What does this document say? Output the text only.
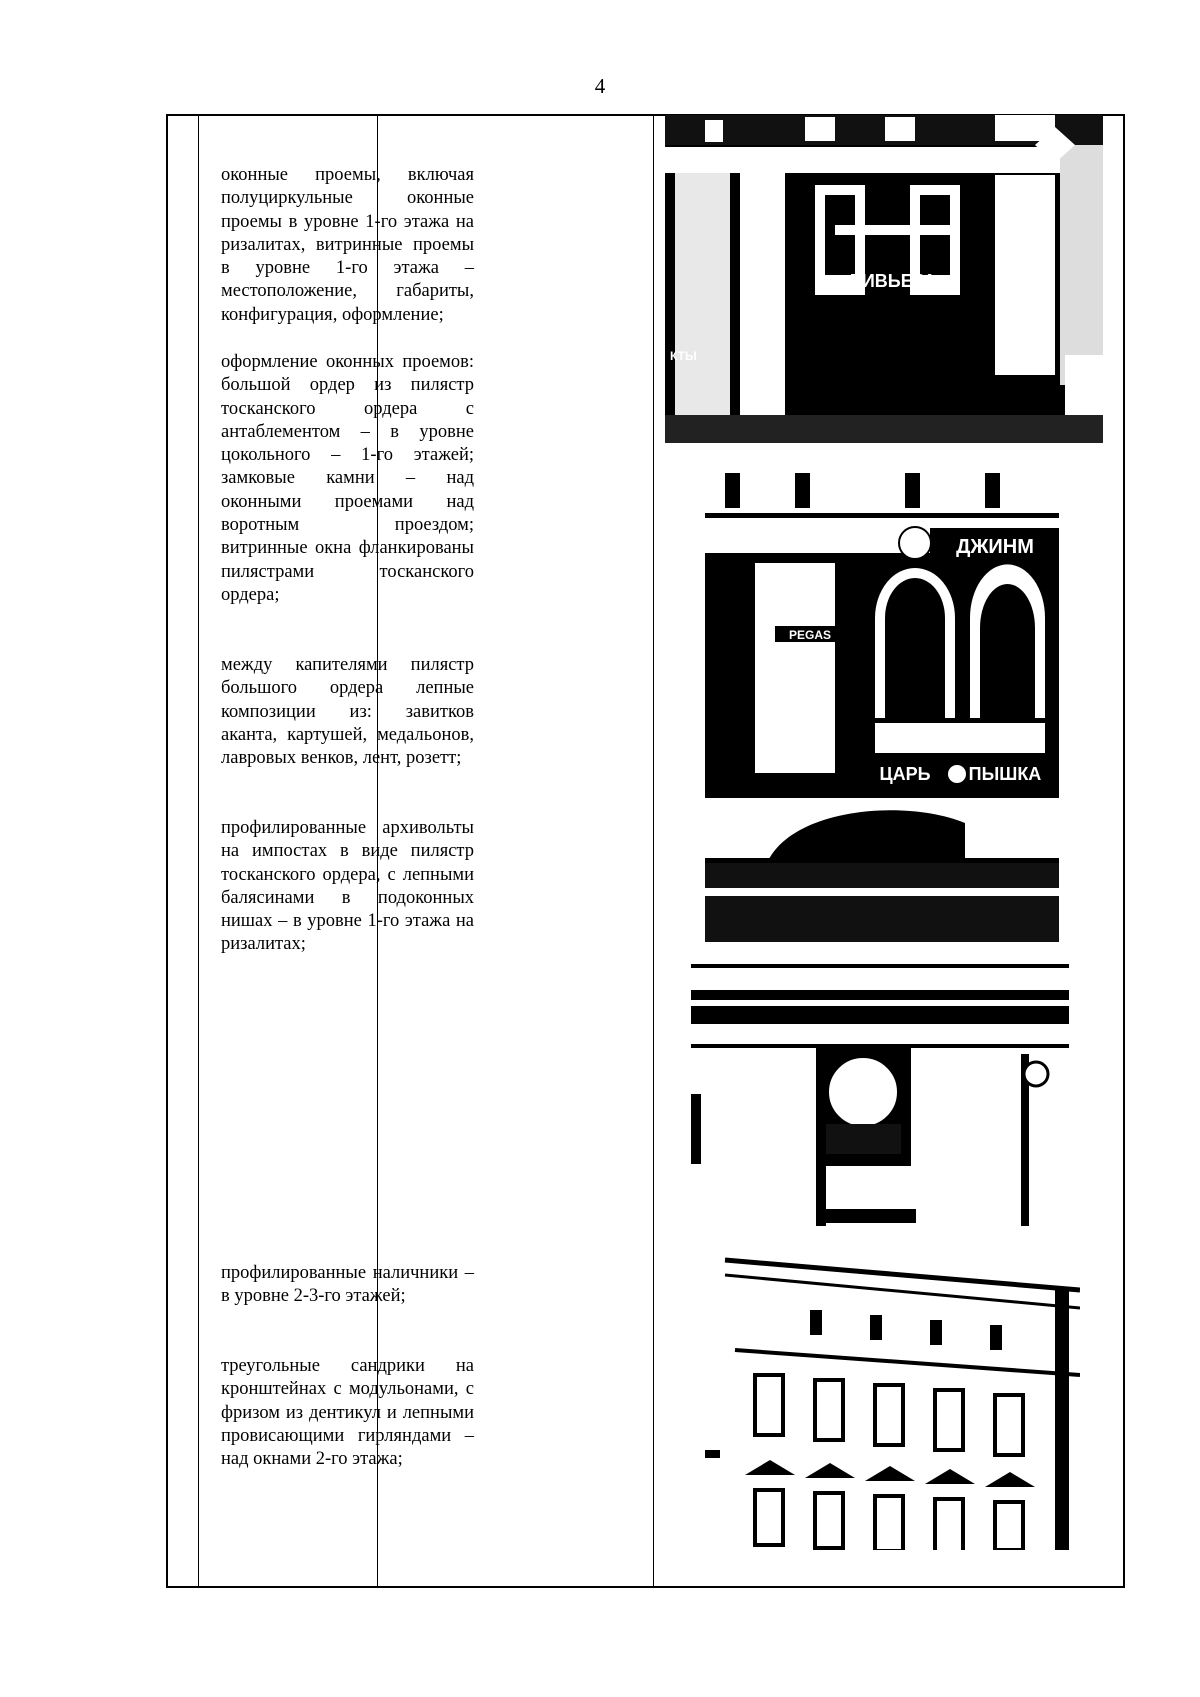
4

оконные проемы, включая полуциркульные оконные проемы в уровне 1-го этажа на ризалитах, витринные проемы в уровне 1-го этажа – местоположение, габариты, конфигурация, оформление;

оформление оконных проемов:

большой ордер из пилястр тосканского ордера с антаблементом – в уровне цокольного – 1-го этажей; замковые камни – над оконными проемами над воротным проездом; витринные окна фланкированы пилястрами тосканского ордера;

между капителями пилястр большого ордера лепные композиции из: завитков аканта, картушей, медальонов, лавровых венков, лент, розетт;

профилированные архивольты на импостах в виде пилястр тосканского ордера, с лепными балясинами в подоконных нишах – в уровне 1-го этажа на ризалитах;

профилированные наличники – в уровне 2-3-го этажей;

треугольные сандрики на кронштейнах с модульонами, с фризом из дентикул и лепными провисающими гирляндами – над окнами 2-го этажа;

РИВЬЕРА
КТЫ
ДЖИНМ
PEGAS
ЦАРЬ ПЫШКА
